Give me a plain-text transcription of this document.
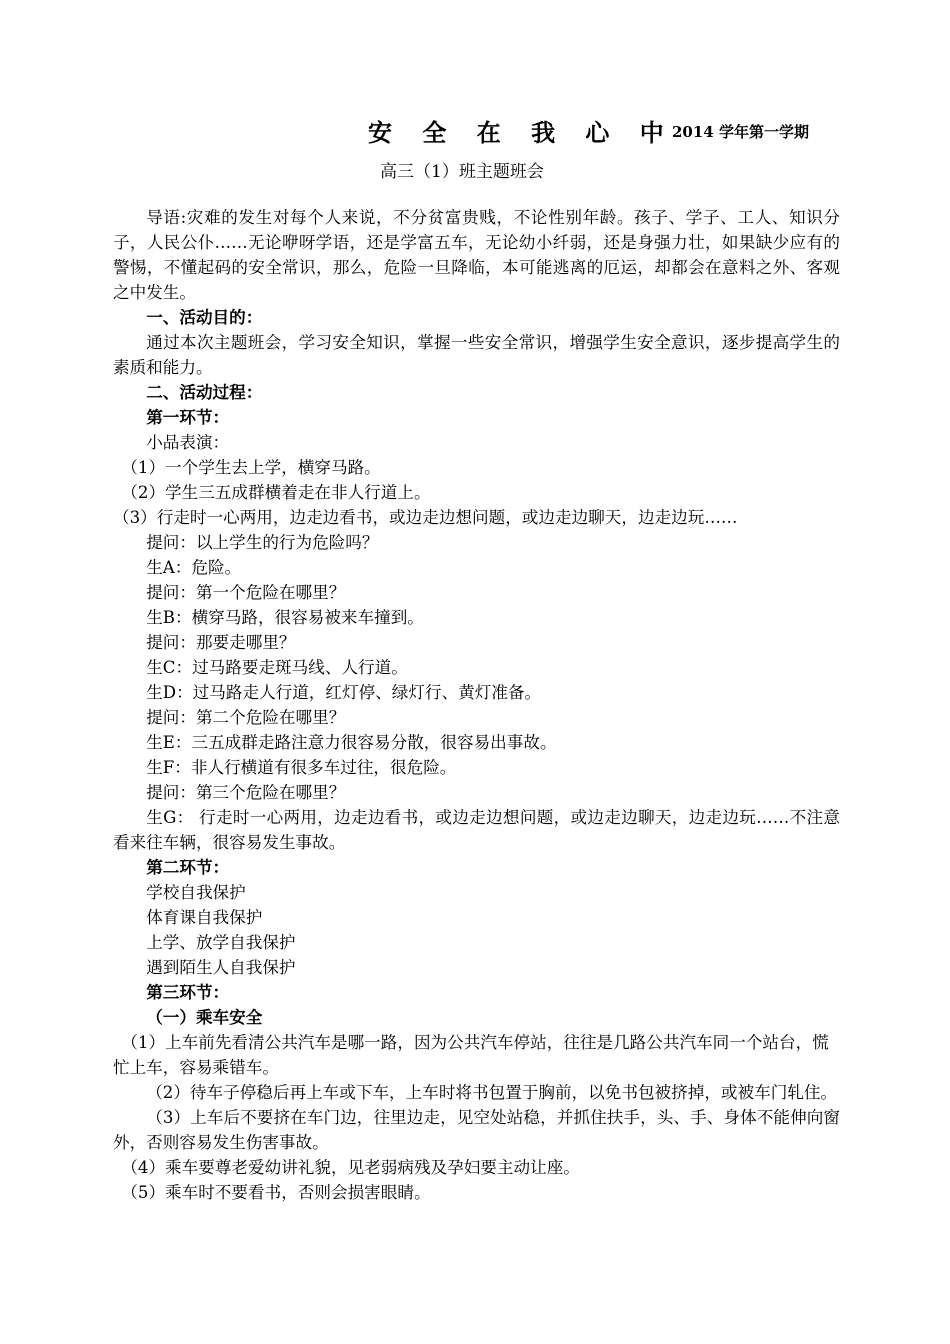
安 全 在 我 心 中
2014 学年第一学期
高三（1）班主题班会

导语:灾难的发生对每个人来说，不分贫富贵贱，不论性别年龄。孩子、学子、工人、知识分子，人民公仆……无论咿呀学语，还是学富五车，无论幼小纤弱，还是身强力壮，如果缺少应有的警惕，不懂起码的安全常识，那么，危险一旦降临，本可能逃离的厄运，却都会在意料之外、客观之中发生。

一、活动目的：

通过本次主题班会，学习安全知识，掌握一些安全常识，增强学生安全意识，逐步提高学生的素质和能力。

二、活动过程：

第一环节：

小品表演：

（1）一个学生去上学，横穿马路。

（2）学生三五成群横着走在非人行道上。

（3）行走时一心两用，边走边看书，或边走边想问题，或边走边聊天，边走边玩……

提问：以上学生的行为危险吗？

生A：危险。

提问：第一个危险在哪里？

生B：横穿马路，很容易被来车撞到。

提问：那要走哪里？

生C：过马路要走斑马线、人行道。

生D：过马路走人行道，红灯停、绿灯行、黄灯准备。

提问：第二个危险在哪里？

生E：三五成群走路注意力很容易分散，很容易出事故。

生F：非人行横道有很多车过往，很危险。

提问：第三个危险在哪里？

生G： 行走时一心两用，边走边看书，或边走边想问题，或边走边聊天，边走边玩……不注意看来往车辆，很容易发生事故。

第二环节：

学校自我保护

体育课自我保护

上学、放学自我保护

遇到陌生人自我保护

第三环节：

（一）乘车安全

（1）上车前先看清公共汽车是哪一路，因为公共汽车停站，往往是几路公共汽车同一个站台，慌忙上车，容易乘错车。

（2）待车子停稳后再上车或下车，上车时将书包置于胸前，以免书包被挤掉，或被车门轧住。

（3）上车后不要挤在车门边，往里边走，见空处站稳，并抓住扶手，头、手、身体不能伸向窗外，否则容易发生伤害事故。

（4）乘车要尊老爱幼讲礼貌，见老弱病残及孕妇要主动让座。

（5）乘车时不要看书，否则会损害眼睛。
